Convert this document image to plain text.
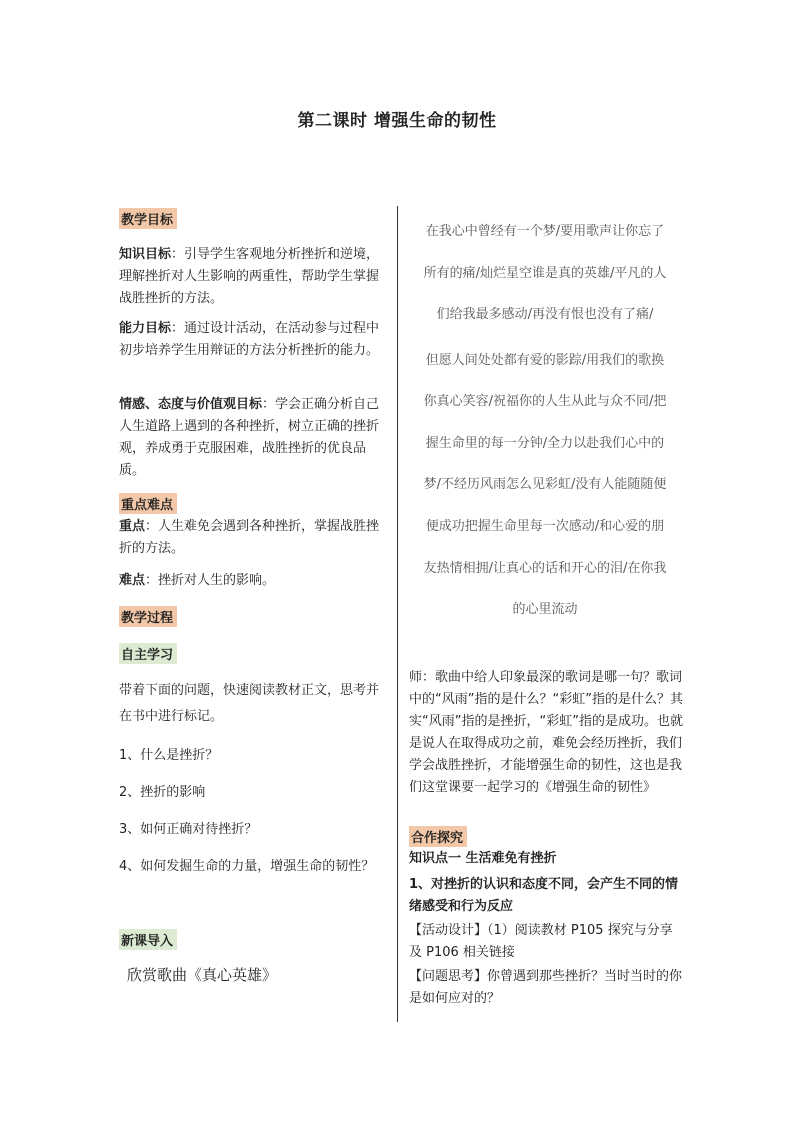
第二课时 增强生命的韧性
教学目标

知识目标：引导学生客观地分析挫折和逆境，理解挫折对人生影响的两重性，帮助学生掌握战胜挫折的方法。

能力目标：通过设计活动，在活动参与过程中初步培养学生用辩证的方法分析挫折的能力。

情感、态度与价值观目标：学会正确分析自己人生道路上遇到的各种挫折，树立正确的挫折观，养成勇于克服困难，战胜挫折的优良品质。

重点难点

重点：人生难免会遇到各种挫折，掌握战胜挫折的方法。

难点：挫折对人生的影响。

教学过程
自主学习

带着下面的问题，快速阅读教材正文，思考并在书中进行标记。

1、什么是挫折？
2、挫折的影响
3、如何正确对待挫折？
4、如何发掘生命的力量，增强生命的韧性？
新课导入
欣赏歌曲《真心英雄》
在我心中曾经有一个梦/要用歌声让你忘了
所有的痛/灿烂星空谁是真的英雄/平凡的人
们给我最多感动/再没有恨也没有了痛/
但愿人间处处都有爱的影踪/用我们的歌换
你真心笑容/祝福你的人生从此与众不同/把
握生命里的每一分钟/全力以赴我们心中的
梦/不经历风雨怎么见彩虹/没有人能随随便
便成功把握生命里每一次感动/和心爱的朋
友热情相拥/让真心的话和开心的泪/在你我
的心里流动

师：歌曲中给人印象最深的歌词是哪一句？歌词中的“风雨”指的是什么？“彩虹”指的是什么？其实“风雨”指的是挫折，“彩虹”指的是成功。也就是说人在取得成功之前，难免会经历挫折，我们学会战胜挫折，才能增强生命的韧性，这也是我们这堂课要一起学习的《增强生命的韧性》

合作探究
知识点一 生活难免有挫折

1、对挫折的认识和态度不同，会产生不同的情绪感受和行为反应

【活动设计】（1）阅读教材 P105 探究与分享及 P106 相关链接

【问题思考】你曾遇到那些挫折？当时当时的你是如何应对的？
